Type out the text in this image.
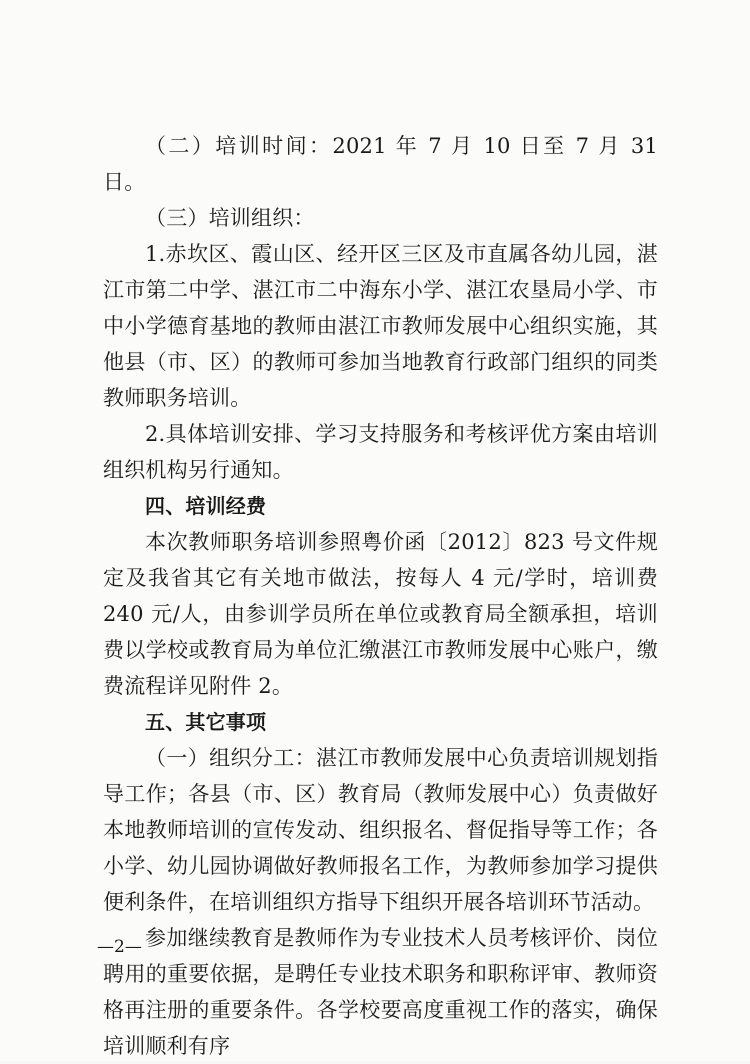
（二）培训时间：2021 年 7 月 10 日至 7 月 31 日。

（三）培训组织：

1.赤坎区、霞山区、经开区三区及市直属各幼儿园，湛江市第二中学、湛江市二中海东小学、湛江农垦局小学、市中小学德育基地的教师由湛江市教师发展中心组织实施，其他县（市、区）的教师可参加当地教育行政部门组织的同类教师职务培训。

2.具体培训安排、学习支持服务和考核评优方案由培训组织机构另行通知。

四、培训经费

本次教师职务培训参照粤价函〔2012〕823 号文件规定及我省其它有关地市做法，按每人 4 元/学时，培训费 240 元/人，由参训学员所在单位或教育局全额承担，培训费以学校或教育局为单位汇缴湛江市教师发展中心账户，缴费流程详见附件 2。

五、其它事项

（一）组织分工：湛江市教师发展中心负责培训规划指导工作；各县（市、区）教育局（教师发展中心）负责做好本地教师培训的宣传发动、组织报名、督促指导等工作；各小学、幼儿园协调做好教师报名工作，为教师参加学习提供便利条件，在培训组织方指导下组织开展各培训环节活动。

参加继续教育是教师作为专业技术人员考核评价、岗位聘用的重要依据，是聘任专业技术职务和职称评审、教师资格再注册的重要条件。各学校要高度重视工作的落实，确保培训顺利有序

—2—
